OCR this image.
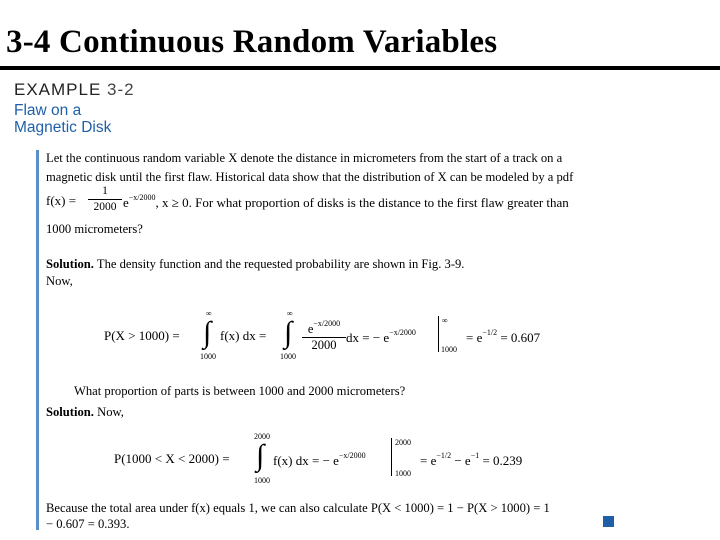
3-4 Continuous Random Variables
EXAMPLE 3-2
Flaw on a
Magnetic Disk
Let the continuous random variable X denote the distance in micrometers from the start of a track on a
magnetic disk until the first flaw. Historical data show that the distribution of X can be modeled by a pdf
$f(x) = \frac{1}{2000} e^{-x/2000}$, x ≥ 0. For what proportion of disks is the distance to the first flaw greater than
1000 micrometers?
Solution. The density function and the requested probability are shown in Fig. 3-9.
Now,
P(X > 1000) =
∞
∫
1000
f(x) dx =
∞
∫
1000
$\frac{e^{-x/2000}}{2000}$ dx = − $e^{-x/2000}$
∞
1000
= $e^{-1/2} = 0.607$
What proportion of parts is between 1000 and 2000 micrometers?
Solution. Now,
P(1000 < X < 2000) =
2000
∫
1000
f(x) dx = − $e^{-x/2000}$
2000
1000
= $e^{-1/2} - e^{-1} = 0.239$
Because the total area under f(x) equals 1, we can also calculate P(X < 1000) = 1 − P(X > 1000) = 1
− 0.607 = 0.393.
